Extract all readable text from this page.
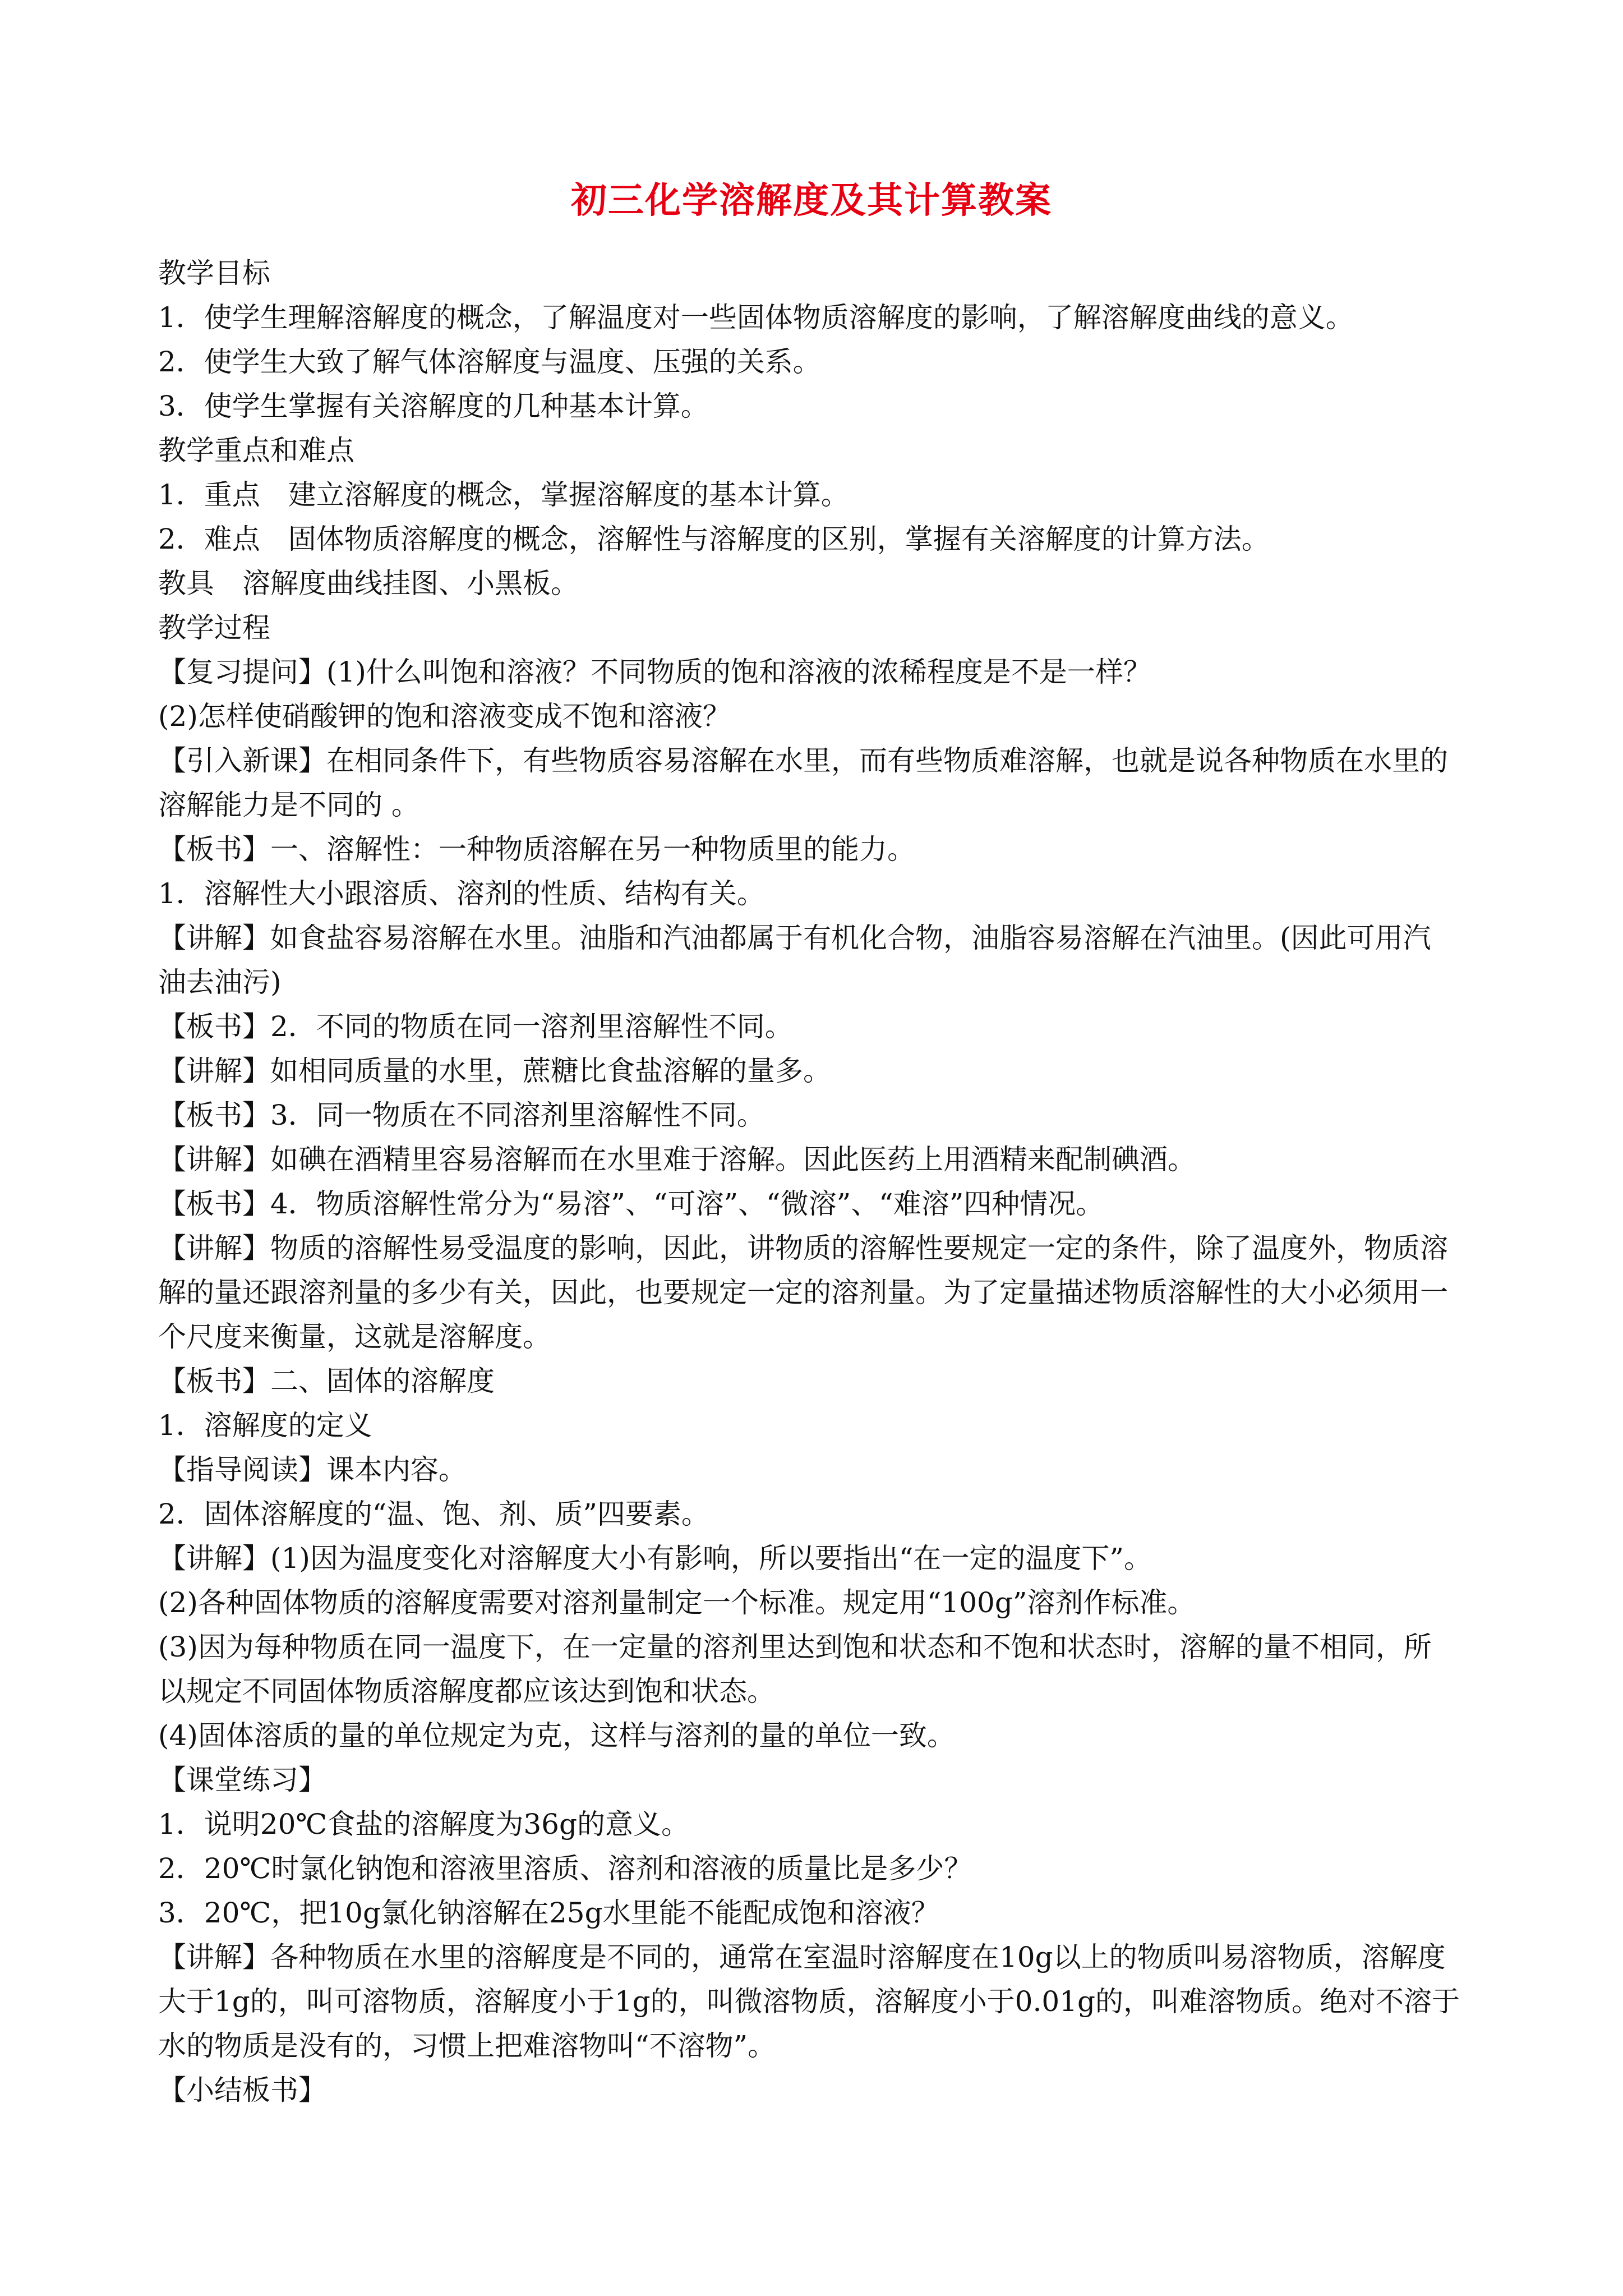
初三化学溶解度及其计算教案

教学目标

1．使学生理解溶解度的概念，了解温度对一些固体物质溶解度的影响，了解溶解度曲线的意义。

2．使学生大致了解气体溶解度与温度、压强的关系。

3．使学生掌握有关溶解度的几种基本计算。

教学重点和难点

1．重点　建立溶解度的概念，掌握溶解度的基本计算。

2．难点　固体物质溶解度的概念，溶解性与溶解度的区别，掌握有关溶解度的计算方法。

教具　溶解度曲线挂图、小黑板。

教学过程

【复习提问】(1)什么叫饱和溶液？不同物质的饱和溶液的浓稀程度是不是一样？

(2)怎样使硝酸钾的饱和溶液变成不饱和溶液？

【引入新课】在相同条件下，有些物质容易溶解在水里，而有些物质难溶解，也就是说各种物质在水里的

溶解能力是不同的 。

【板书】一、溶解性：一种物质溶解在另一种物质里的能力。

1．溶解性大小跟溶质、溶剂的性质、结构有关。

【讲解】如食盐容易溶解在水里。油脂和汽油都属于有机化合物，油脂容易溶解在汽油里。(因此可用汽

油去油污)

【板书】2．不同的物质在同一溶剂里溶解性不同。

【讲解】如相同质量的水里，蔗糖比食盐溶解的量多。

【板书】3．同一物质在不同溶剂里溶解性不同。

【讲解】如碘在酒精里容易溶解而在水里难于溶解。因此医药上用酒精来配制碘酒。

【板书】4．物质溶解性常分为“易溶”、“可溶”、“微溶”、“难溶”四种情况。

【讲解】物质的溶解性易受温度的影响，因此，讲物质的溶解性要规定一定的条件，除了温度外，物质溶

解的量还跟溶剂量的多少有关，因此，也要规定一定的溶剂量。为了定量描述物质溶解性的大小必须用一

个尺度来衡量，这就是溶解度。

【板书】二、固体的溶解度

1．溶解度的定义

【指导阅读】课本内容。

2．固体溶解度的“温、饱、剂、质”四要素。

【讲解】(1)因为温度变化对溶解度大小有影响，所以要指出“在一定的温度下”。

(2)各种固体物质的溶解度需要对溶剂量制定一个标准。规定用“100g”溶剂作标准。

(3)因为每种物质在同一温度下，在一定量的溶剂里达到饱和状态和不饱和状态时，溶解的量不相同，所

以规定不同固体物质溶解度都应该达到饱和状态。

(4)固体溶质的量的单位规定为克，这样与溶剂的量的单位一致。

【课堂练习】

1．说明20℃食盐的溶解度为36g的意义。

2．20℃时氯化钠饱和溶液里溶质、溶剂和溶液的质量比是多少？

3．20℃，把10g氯化钠溶解在25g水里能不能配成饱和溶液？

【讲解】各种物质在水里的溶解度是不同的，通常在室温时溶解度在10g以上的物质叫易溶物质，溶解度

大于1g的，叫可溶物质，溶解度小于1g的，叫微溶物质，溶解度小于0.01g的，叫难溶物质。绝对不溶于

水的物质是没有的，习惯上把难溶物叫“不溶物”。

【小结板书】
